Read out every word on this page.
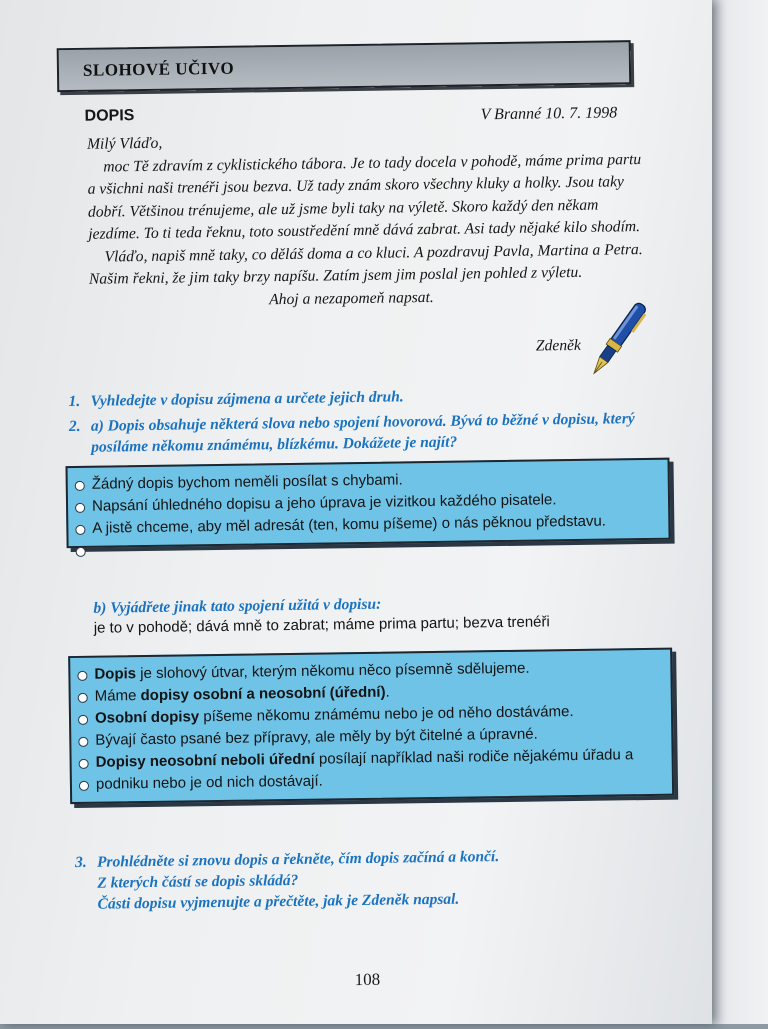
SLOHOVÉ UČIVO
DOPIS	V Branné 10. 7. 1998

Milý Vláďo,

moc Tě zdravím z cyklistického tábora. Je to tady docela v pohodě, máme prima partu a všichni naši trenéři jsou bezva. Už tady znám skoro všechny kluky a holky. Jsou taky dobří. Většinou trénujeme, ale už jsme byli taky na výletě. Skoro každý den někam jezdíme. To ti teda řeknu, toto soustředění mně dává zabrat. Asi tady nějaké kilo shodím.

Vláďo, napiš mně taky, co děláš doma a co kluci. A pozdravuj Pavla, Martina a Petra. Našim řekni, že jim taky brzy napíšu. Zatím jsem jim poslal jen pohled z výletu.

Ahoj a nezapomeň napsat.

Zdeněk
1. Vyhledejte v dopisu zájmena a určete jejich druh.
2. a) Dopis obsahuje některá slova nebo spojení hovorová. Bývá to běžné v dopisu, který posíláme někomu známému, blízkému. Dokážete je najít?
Žádný dopis bychom neměli posílat s chybami.
Napsání úhledného dopisu a jeho úprava je vizitkou každého pisatele.
A jistě chceme, aby měl adresát (ten, komu píšeme) o nás pěknou představu.
b) Vyjádřete jinak tato spojení užitá v dopisu:
je to v pohodě; dává mně to zabrat; máme prima partu; bezva trenéři
Dopis je slohový útvar, kterým někomu něco písemně sdělujeme.
Máme dopisy osobní a neosobní (úřední).
Osobní dopisy píšeme někomu známému nebo je od něho dostáváme.
Bývají často psané bez přípravy, ale měly by být čitelné a úpravné.
Dopisy neosobní neboli úřední posílají například naši rodiče nějakému úřadu a podniku nebo je od nich dostávají.
3. Prohlédněte si znovu dopis a řekněte, čím dopis začíná a končí.
Z kterých částí se dopis skládá?
Části dopisu vyjmenujte a přečtěte, jak je Zdeněk napsal.
108
